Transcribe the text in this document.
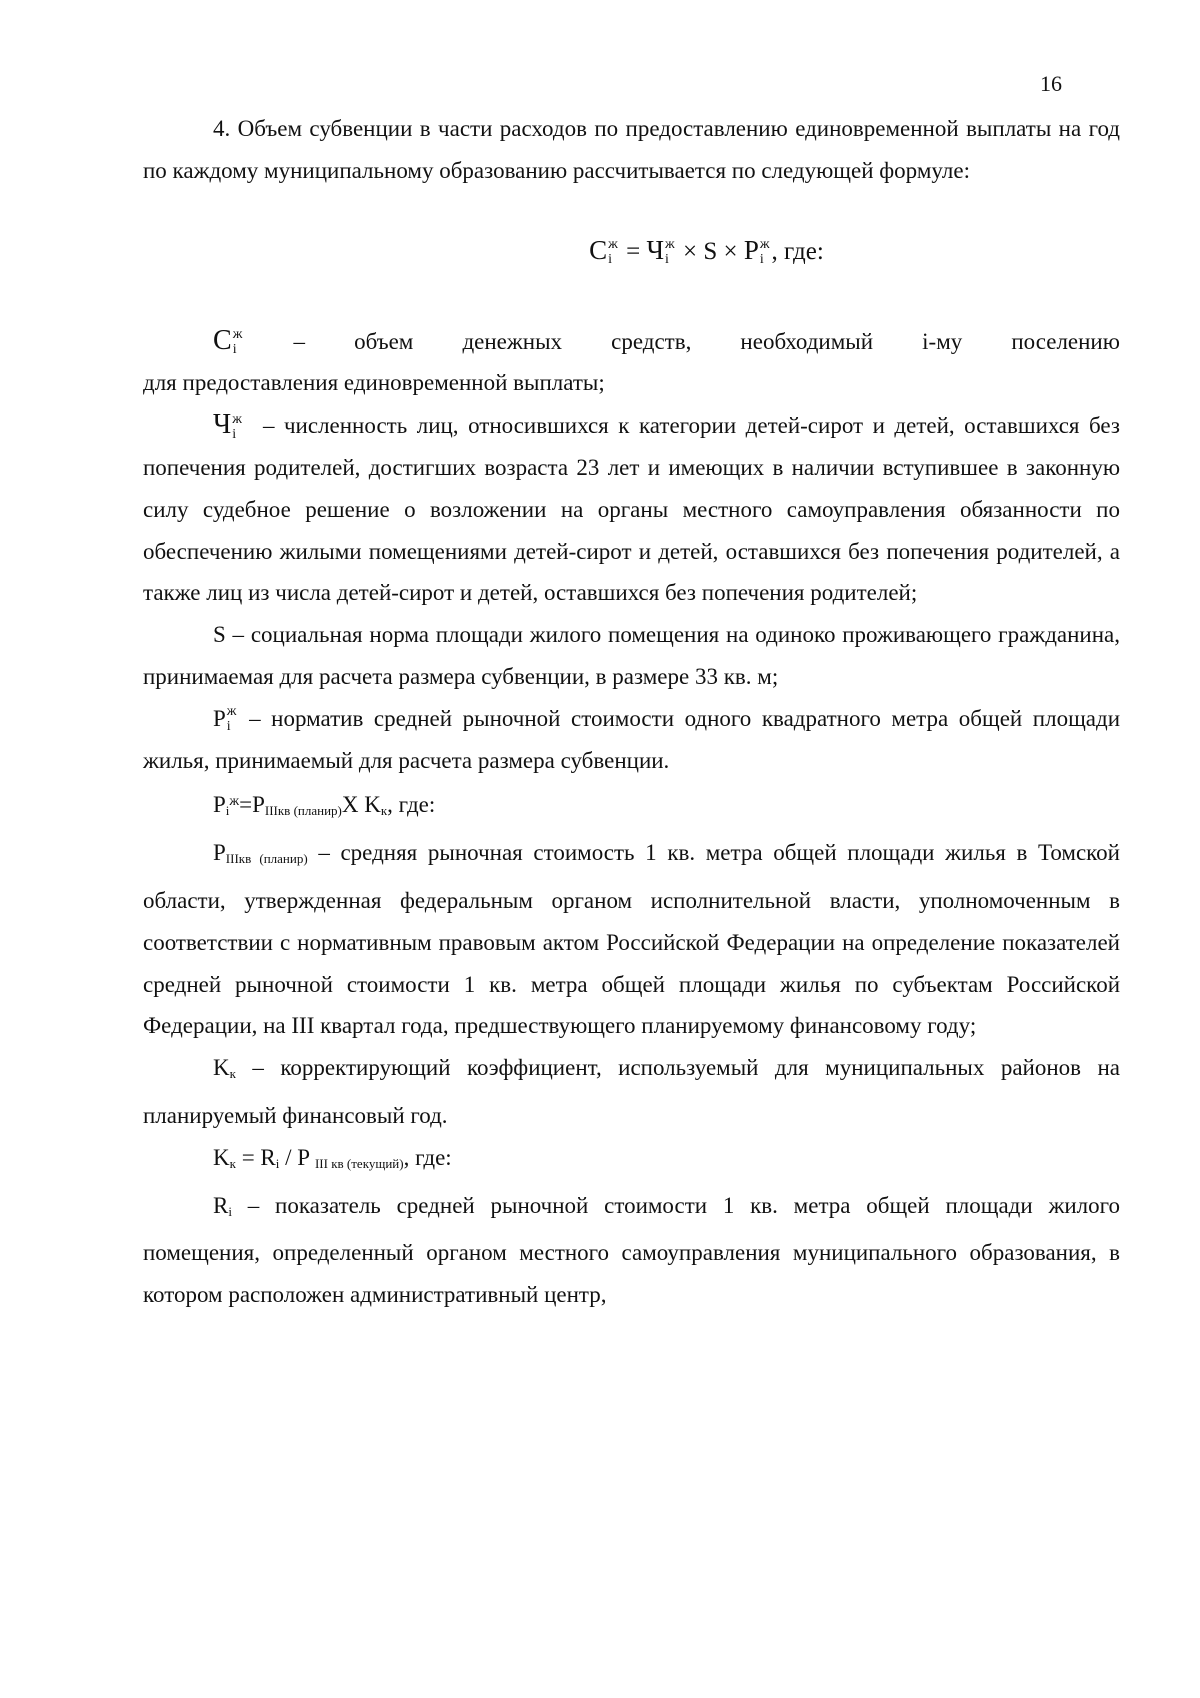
16

4. Объем субвенции в части расходов по предоставлению единовременной выплаты на год по каждому муниципальному образованию рассчитывается по следующей формуле:

C ж
i = Ч ж
i × S × P ж
i , где:

C ж
i – объем денежных средств, необходимый i-му поселению

для предоставления единовременной выплаты;

Ч ж
i – численность лиц, относившихся к категории детей-сирот и детей, оставшихся без попечения родителей, достигших возраста 23 лет и имеющих в наличии вступившее в законную силу судебное решение о возложении на органы местного самоуправления обязанности по обеспечению жилыми помещениями детей-сирот и детей, оставшихся без попечения родителей, а также лиц из числа детей-сирот и детей, оставшихся без попечения родителей;

S – социальная норма площади жилого помещения на одиноко проживающего гражданина, принимаемая для расчета размера субвенции, в размере 33 кв. м;

P ж
i – норматив средней рыночной стоимости одного квадратного метра общей площади жилья, принимаемый для расчета размера субвенции.

$P_i^ж=P_{IIIкв (планир)}X$ $K_к$, где:

$P_{IIIкв (планир)}$ – средняя рыночная стоимость 1 кв. метра общей площади жилья в Томской области, утвержденная федеральным органом исполнительной власти, уполномоченным в соответствии с нормативным правовым актом Российской Федерации на определение показателей средней рыночной стоимости 1 кв. метра общей площади жилья по субъектам Российской Федерации, на III квартал года, предшествующего планируемому финансовому году;

$K_к$ – корректирующий коэффициент, используемый для муниципальных районов на планируемый финансовый год.

$K_к = R_i / P$ $_{III кв (текущий)}$, где:

$R_i$ – показатель средней рыночной стоимости 1 кв. метра общей площади жилого помещения, определенный органом местного самоуправления муниципального образования, в котором расположен административный центр,
